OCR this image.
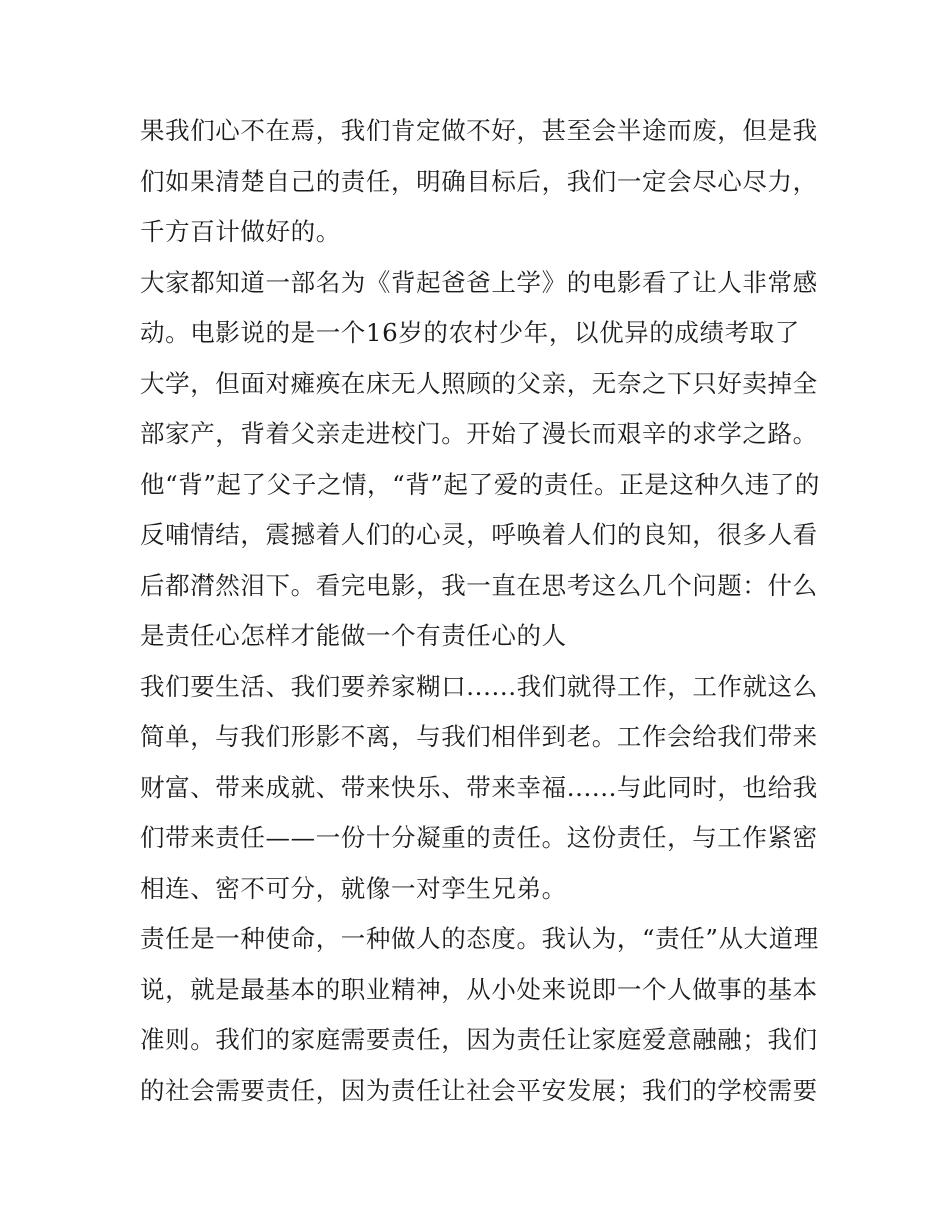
果我们心不在焉，我们肯定做不好，甚至会半途而废，但是我
们如果清楚自己的责任，明确目标后，我们一定会尽心尽力，
千方百计做好的。
大家都知道一部名为《背起爸爸上学》的电影看了让人非常感
动。电影说的是一个16岁的农村少年，以优异的成绩考取了
大学，但面对瘫痪在床无人照顾的父亲，无奈之下只好卖掉全
部家产，背着父亲走进校门。开始了漫长而艰辛的求学之路。
他“背”起了父子之情，“背”起了爱的责任。正是这种久违了的
反哺情结，震撼着人们的心灵，呼唤着人们的良知，很多人看
后都潸然泪下。看完电影，我一直在思考这么几个问题：什么
是责任心怎样才能做一个有责任心的人
我们要生活、我们要养家糊口......我们就得工作，工作就这么
简单，与我们形影不离，与我们相伴到老。工作会给我们带来
财富、带来成就、带来快乐、带来幸福......与此同时，也给我
们带来责任——一份十分凝重的责任。这份责任，与工作紧密
相连、密不可分，就像一对孪生兄弟。
责任是一种使命，一种做人的态度。我认为，“责任”从大道理
说，就是最基本的职业精神，从小处来说即一个人做事的基本
准则。我们的家庭需要责任，因为责任让家庭爱意融融；我们
的社会需要责任，因为责任让社会平安发展；我们的学校需要
